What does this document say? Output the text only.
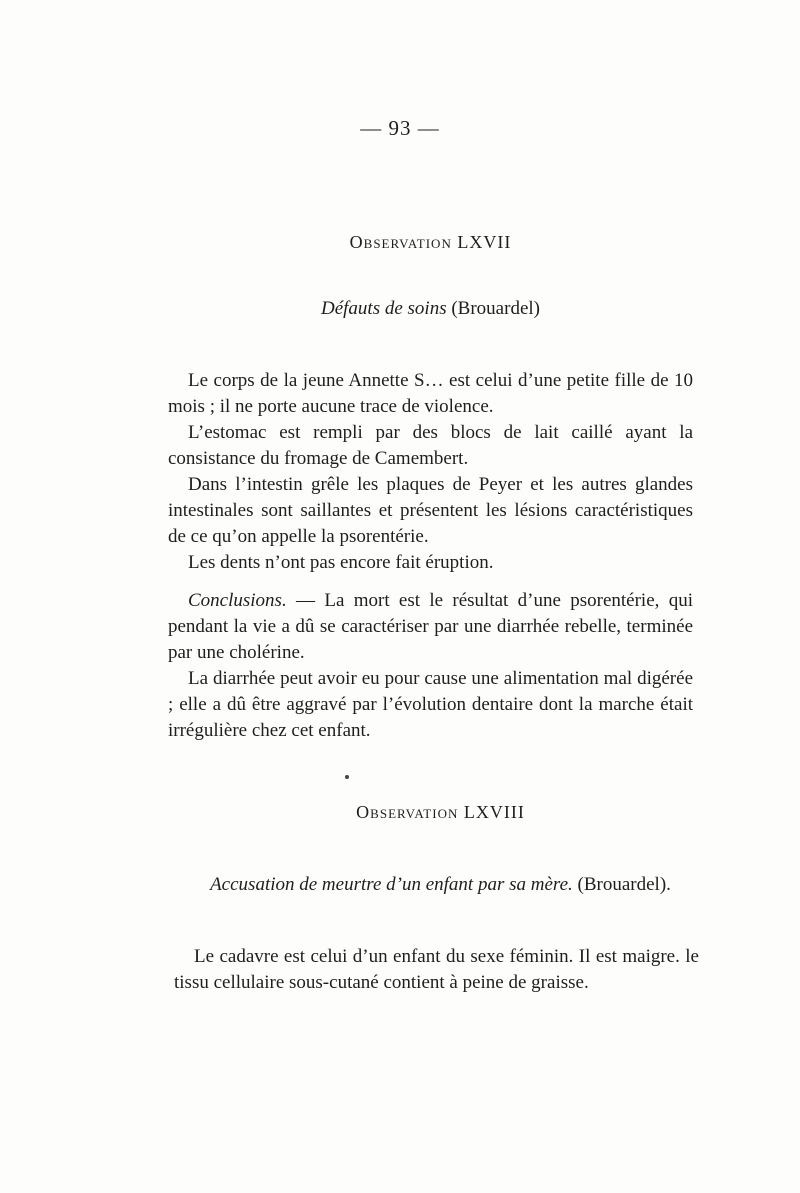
— 93 —
Observation LXVII
Défauts de soins (Brouardel)

Le corps de la jeune Annette S… est celui d’une petite fille de 10 mois ; il ne porte aucune trace de violence.

L’estomac est rempli par des blocs de lait caillé ayant la consistance du fromage de Camembert.

Dans l’intestin grêle les plaques de Peyer et les autres glandes intestinales sont saillantes et présentent les lésions caractéristiques de ce qu’on appelle la psorentérie.

Les dents n’ont pas encore fait éruption.

Conclusions. — La mort est le résultat d’une psorentérie, qui pendant la vie a dû se caractériser par une diarrhée rebelle, terminée par une cholérine.

La diarrhée peut avoir eu pour cause une alimentation mal digérée ; elle a dû être aggravé par l’évolution dentaire dont la marche était irrégulière chez cet enfant.

Observation LXVIII
Accusation de meurtre d’un enfant par sa mère. (Brouardel).

Le cadavre est celui d’un enfant du sexe féminin. Il est maigre. le tissu cellulaire sous-cutané contient à peine de graisse.
